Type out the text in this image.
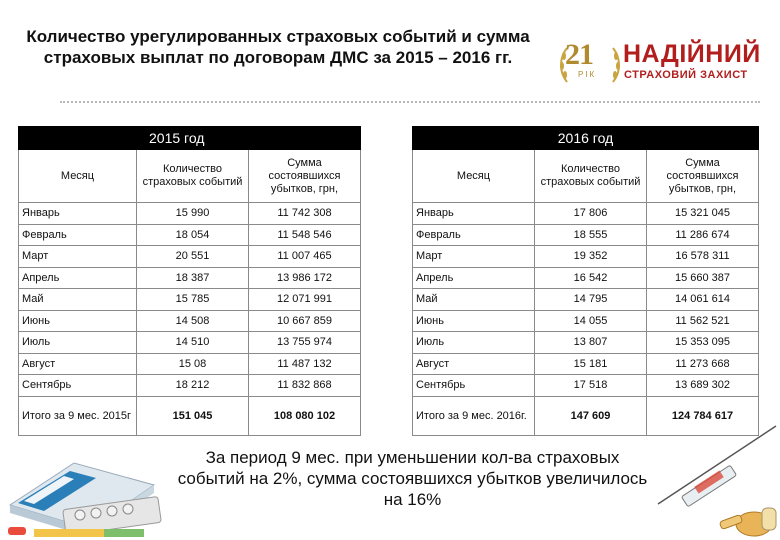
Количество урегулированных страховых событий и сумма страховых выплат по договорам ДМС за 2015 – 2016 гг.	21
РІК
НАДІЙНИЙ
СТРАХОВИЙ ЗАХИСТ
2015 год		
Месяц	Количество страховых событий	Сумма состоявшихся убытков, грн,
Январь	15 990	11 742 308
Февраль	18 054	11 548 546
Март	20 551	11 007 465
Апрель	18 387	13 986 172
Май	15 785	12 071 991
Июнь	14 508	10 667 859
Июль	14 510	13 755 974
Август	15 08	11 487 132
Сентябрь	18 212	11 832 868
Итого за 9 мес. 2015г	151 045	108 080 102
2016 год		
Месяц	Количество страховых событий	Сумма состоявшихся убытков, грн,
Январь	17 806	15 321 045
Февраль	18 555	11 286 674
Март	19 352	16 578 311
Апрель	16 542	15 660 387
Май	14 795	14 061 614
Июнь	14 055	11 562 521
Июль	13 807	15 353 095
Август	15 181	11 273 668
Сентябрь	17 518	13 689 302
Итого за 9 мес. 2016г.	147 609	124 784 617
За период 9 мес. при уменьшении кол-ва страховых событий на 2%, сумма состоявшихся убытков увеличилось на 16%
